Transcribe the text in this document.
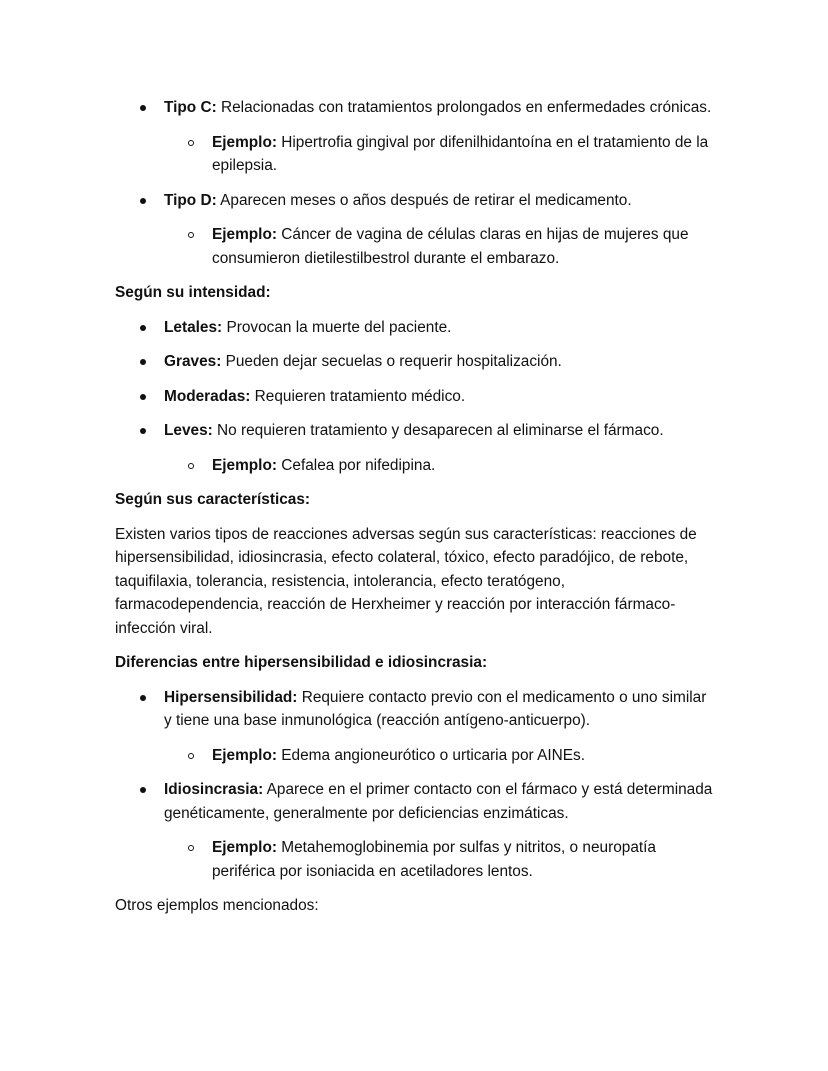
Tipo C: Relacionadas con tratamientos prolongados en enfermedades crónicas.
Ejemplo: Hipertrofia gingival por difenilhidantoína en el tratamiento de la epilepsia.
Tipo D: Aparecen meses o años después de retirar el medicamento.
Ejemplo: Cáncer de vagina de células claras en hijas de mujeres que consumieron dietilestilbestrol durante el embarazo.

Según su intensidad:

Letales: Provocan la muerte del paciente.
Graves: Pueden dejar secuelas o requerir hospitalización.
Moderadas: Requieren tratamiento médico.
Leves: No requieren tratamiento y desaparecen al eliminarse el fármaco.
Ejemplo: Cefalea por nifedipina.

Según sus características:

Existen varios tipos de reacciones adversas según sus características: reacciones de hipersensibilidad, idiosincrasia, efecto colateral, tóxico, efecto paradójico, de rebote, taquifilaxia, tolerancia, resistencia, intolerancia, efecto teratógeno, farmacodependencia, reacción de Herxheimer y reacción por interacción fármaco-infección viral.

Diferencias entre hipersensibilidad e idiosincrasia:

Hipersensibilidad: Requiere contacto previo con el medicamento o uno similar y tiene una base inmunológica (reacción antígeno-anticuerpo).
Ejemplo: Edema angioneurótico o urticaria por AINEs.
Idiosincrasia: Aparece en el primer contacto con el fármaco y está determinada genéticamente, generalmente por deficiencias enzimáticas.
Ejemplo: Metahemoglobinemia por sulfas y nitritos, o neuropatía periférica por isoniacida en acetiladores lentos.

Otros ejemplos mencionados:
